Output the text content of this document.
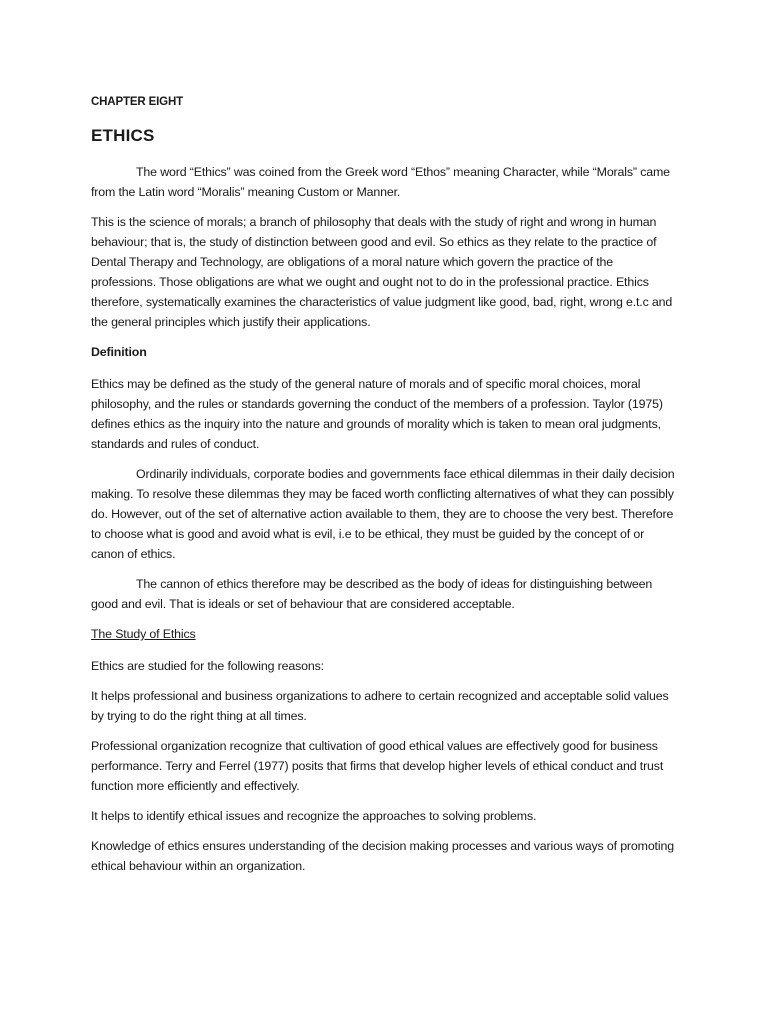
CHAPTER EIGHT
ETHICS

The word “Ethics” was coined from the Greek word “Ethos” meaning Character, while “Morals” came from the Latin word “Moralis” meaning Custom or Manner.

This is the science of morals; a branch of philosophy that deals with the study of right and wrong in human behaviour; that is, the study of distinction between good and evil. So ethics as they relate to the practice of Dental Therapy and Technology, are obligations of a moral nature which govern the practice of the professions. Those obligations are what we ought and ought not to do in the professional practice. Ethics therefore, systematically examines the characteristics of value judgment like good, bad, right, wrong e.t.c and the general principles which justify their applications.

Definition

Ethics may be defined as the study of the general nature of morals and of specific moral choices, moral philosophy, and the rules or standards governing the conduct of the members of a profession. Taylor (1975) defines ethics as the inquiry into the nature and grounds of morality which is taken to mean oral judgments, standards and rules of conduct.

Ordinarily individuals, corporate bodies and governments face ethical dilemmas in their daily decision making. To resolve these dilemmas they may be faced worth conflicting alternatives of what they can possibly do. However, out of the set of alternative action available to them, they are to choose the very best. Therefore to choose what is good and avoid what is evil, i.e to be ethical, they must be guided by the concept of or canon of ethics.

The cannon of ethics therefore may be described as the body of ideas for distinguishing between good and evil. That is ideals or set of behaviour that are considered acceptable.

The Study of Ethics

Ethics are studied for the following reasons:

It helps professional and business organizations to adhere to certain recognized and acceptable solid values by trying to do the right thing at all times.

Professional organization recognize that cultivation of good ethical values are effectively good for business performance. Terry and Ferrel (1977) posits that firms that develop higher levels of ethical conduct and trust function more efficiently and effectively.

It helps to identify ethical issues and recognize the approaches to solving problems.

Knowledge of ethics ensures understanding of the decision making processes and various ways of promoting ethical behaviour within an organization.
